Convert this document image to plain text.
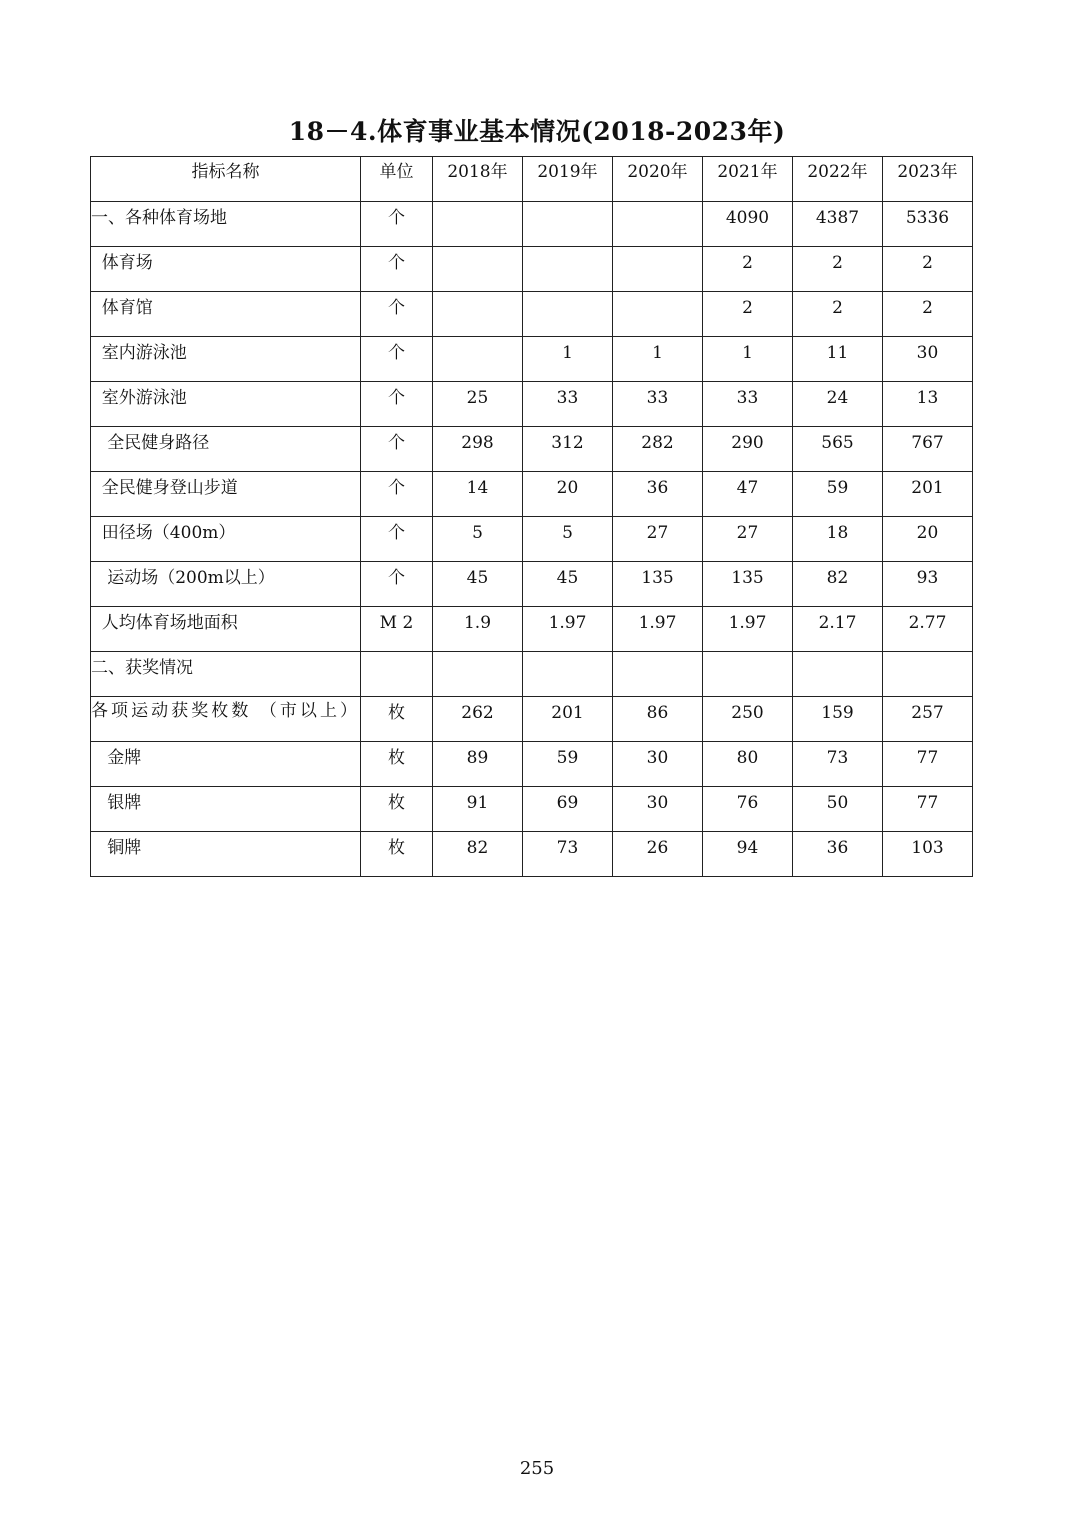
18－4.体育事业基本情况(2018-2023年)
指标名称	单位	2018年	2019年	2020年	2021年	2022年	2023年
一、各种体育场地	个				4090	4387	5336
体育场	个				2	2	2
体育馆	个				2	2	2
室内游泳池	个		1	1	1	11	30
室外游泳池	个	25	33	33	33	24	13
全民健身路径	个	298	312	282	290	565	767
全民健身登山步道	个	14	20	36	47	59	201
田径场（400m）	个	5	5	27	27	18	20
运动场（200m以上）	个	45	45	135	135	82	93
人均体育场地面积	M 2	1.9	1.97	1.97	1.97	2.17	2.77
二、获奖情况							
各项运动获奖枚数 （市以上）	枚	262	201	86	250	159	257
金牌	枚	89	59	30	80	73	77
银牌	枚	91	69	30	76	50	77
铜牌	枚	82	73	26	94	36	103
255
